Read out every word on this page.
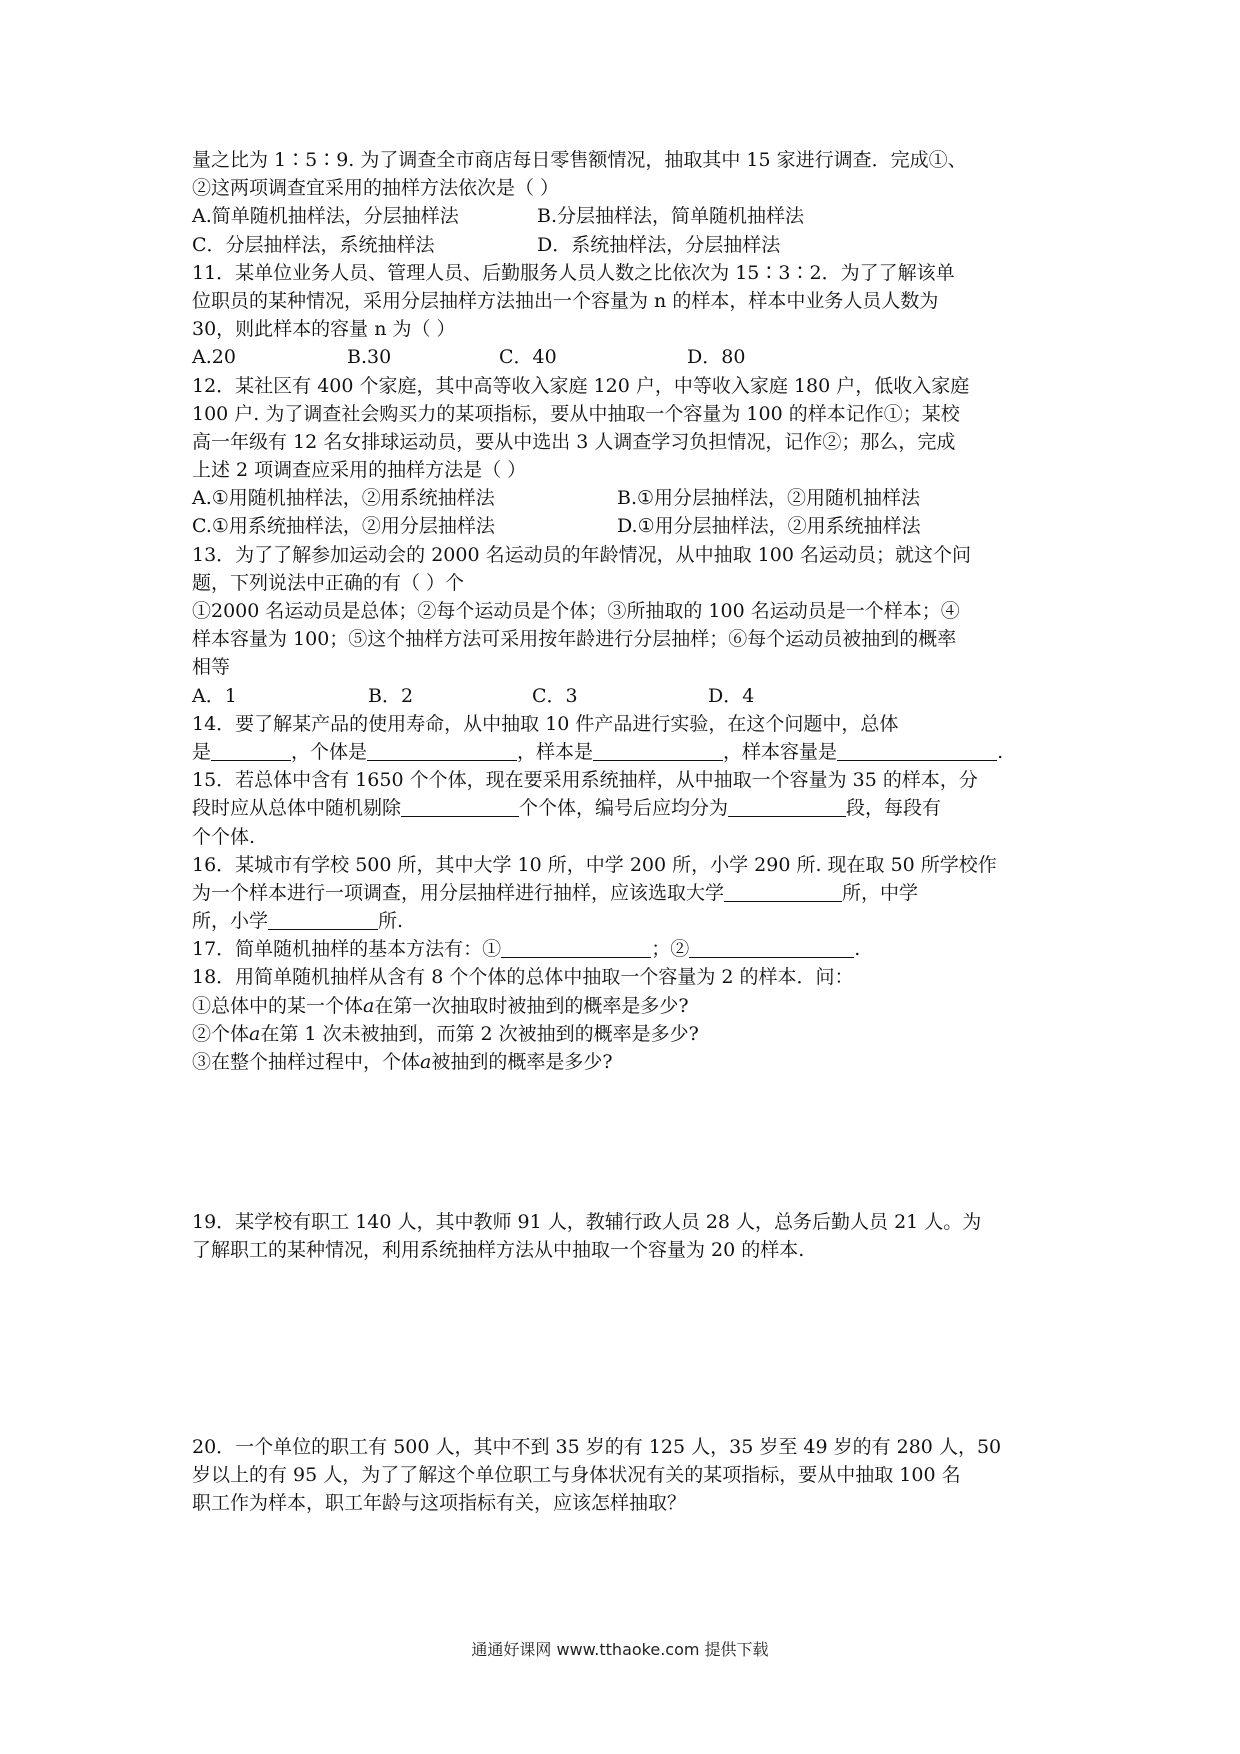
量之比为 1∶5∶9. 为了调查全市商店每日零售额情况，抽取其中 15 家进行调查．完成①、
②这两项调查宜采用的抽样方法依次是（ ）
A.简单随机抽样法，分层抽样法	B.分层抽样法，简单随机抽样法
C．分层抽样法，系统抽样法	D．系统抽样法，分层抽样法
11．某单位业务人员、管理人员、后勤服务人员人数之比依次为 15∶3∶2．为了了解该单
位职员的某种情况，采用分层抽样方法抽出一个容量为 n 的样本，样本中业务人员人数为
30，则此样本的容量 n 为（ ）
A.20	B.30	C．40	D．80
12．某社区有 400 个家庭，其中高等收入家庭 120 户，中等收入家庭 180 户，低收入家庭
100 户. 为了调查社会购买力的某项指标，要从中抽取一个容量为 100 的样本记作①；某校
高一年级有 12 名女排球运动员，要从中选出 3 人调查学习负担情况，记作②；那么，完成
上述 2 项调查应采用的抽样方法是（ ）
A.①用随机抽样法，②用系统抽样法	B.①用分层抽样法，②用随机抽样法
C.①用系统抽样法，②用分层抽样法	D.①用分层抽样法，②用系统抽样法
13．为了了解参加运动会的 2000 名运动员的年龄情况，从中抽取 100 名运动员；就这个问
题，下列说法中正确的有（ ）个
①2000 名运动员是总体；②每个运动员是个体；③所抽取的 100 名运动员是一个样本；④
样本容量为 100；⑤这个抽样方法可采用按年龄进行分层抽样；⑥每个运动员被抽到的概率
相等
A．1	B．2	C．3	D．4
14．要了解某产品的使用寿命，从中抽取 10 件产品进行实验，在这个问题中，总体
是	，个体是	，样本是	，样本容量是	.
15．若总体中含有 1650 个个体，现在要采用系统抽样，从中抽取一个容量为 35 的样本，分
段时应从总体中随机剔除	个个体，编号后应均分为	段，每段有
个个体.
16．某城市有学校 500 所，其中大学 10 所，中学 200 所，小学 290 所. 现在取 50 所学校作
为一个样本进行一项调查，用分层抽样进行抽样，应该选取大学	所，中学
所，小学	所.
17．简单随机抽样的基本方法有：①	；②	.
18．用简单随机抽样从含有 8 个个体的总体中抽取一个容量为 2 的样本．问：
①总体中的某一个体a在第一次抽取时被抽到的概率是多少?
②个体a在第 1 次未被抽到，而第 2 次被抽到的概率是多少?
③在整个抽样过程中，个体a被抽到的概率是多少?
19．某学校有职工 140 人，其中教师 91 人，教辅行政人员 28 人，总务后勤人员 21 人。为
了解职工的某种情况，利用系统抽样方法从中抽取一个容量为 20 的样本.
20．一个单位的职工有 500 人，其中不到 35 岁的有 125 人，35 岁至 49 岁的有 280 人，50
岁以上的有 95 人，为了了解这个单位职工与身体状况有关的某项指标，要从中抽取 100 名
职工作为样本，职工年龄与这项指标有关，应该怎样抽取？
通通好课网 www.tthaoke.com 提供下载
